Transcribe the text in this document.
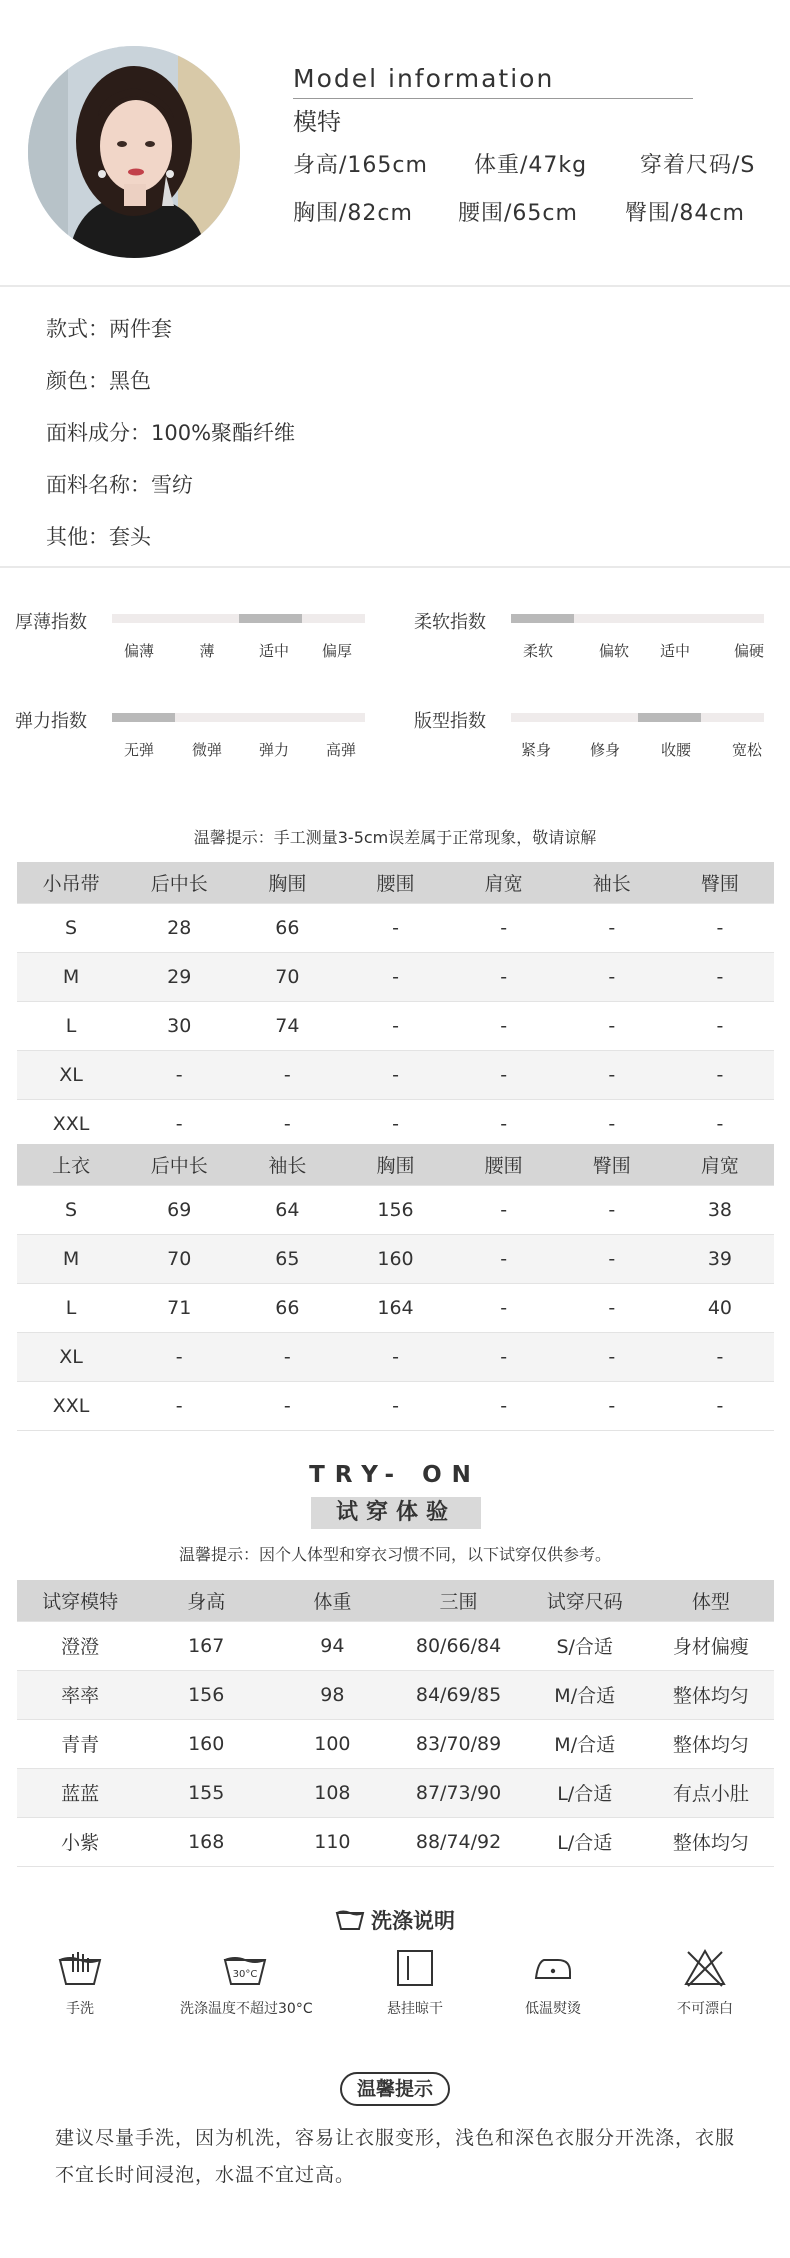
Model information
模特
身高/165cm 体重/47kg 穿着尺码/S
胸围/82cm 腰围/65cm 臀围/84cm
款式：两件套
颜色：黑色
面料成分：100%聚酯纤维
面料名称：雪纺
其他：套头
厚薄指数
偏薄	薄	适中 偏厚
柔软指数
柔软	偏软 适中	偏硬
弹力指数
无弹	微弹 弹力 高弹
版型指数
紧身	修身	收腰	宽松
温馨提示：手工测量3-5cm误差属于正常现象，敬请谅解
小吊带	后中长	胸围	腰围	肩宽	袖长	臀围
S	28	66	-	-	-	-
M	29	70	-	-	-	-
L	30	74	-	-	-	-
XL	-	-	-	-	-	-
XXL	-	-	-	-	-	-
上衣	后中长	袖长	胸围	腰围	臀围	肩宽
S	69	64	156	-	-	38
M	70	65	160	-	-	39
L	71	66	164	-	-	40
XL	-	-	-	-	-	-
XXL	-	-	-	-	-	-
TRY- ON
试穿体验
温馨提示：因个人体型和穿衣习惯不同，以下试穿仅供参考。
试穿模特	身高	体重	三围	试穿尺码	体型
澄澄	167	94	80/66/84	S/合适	身材偏瘦
率率	156	98	84/69/85	M/合适	整体均匀
青青	160	100	83/70/89	M/合适	整体均匀
蓝蓝	155	108	87/73/90	L/合适	有点小肚
小紫	168	110	88/74/92	L/合适	整体均匀
洗涤说明
手洗
30°C
洗涤温度不超过30°C	悬挂晾干	低温熨烫	不可漂白
温馨提示
建议尽量手洗，因为机洗，容易让衣服变形，浅色和深色衣服分开洗涤，衣服不宜长时间浸泡，水温不宜过高。
